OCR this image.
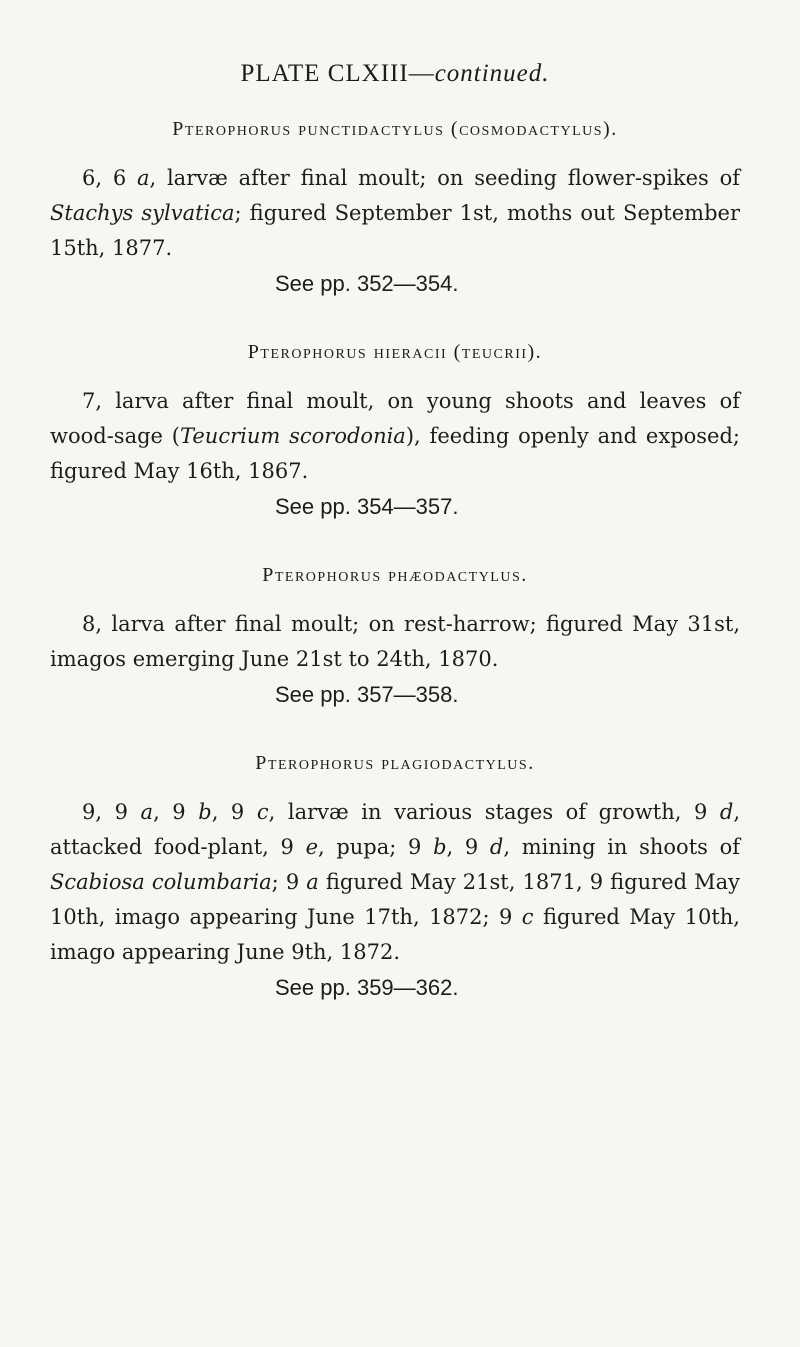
PLATE CLXIII—continued.
Pterophorus punctidactylus (cosmodactylus).

6, 6 a, larvæ after final moult; on seeding flower-spikes of Stachys sylvatica; figured September 1st, moths out September 15th, 1877.

See pp. 352—354.

Pterophorus hieracii (teucrii).

7, larva after final moult, on young shoots and leaves of wood-sage (Teucrium scorodonia), feeding openly and exposed; figured May 16th, 1867.

See pp. 354—357.

Pterophorus phæodactylus.

8, larva after final moult; on rest-harrow; figured May 31st, imagos emerging June 21st to 24th, 1870.

See pp. 357—358.

Pterophorus plagiodactylus.

9, 9 a, 9 b, 9 c, larvæ in various stages of growth, 9 d, attacked food-plant, 9 e, pupa; 9 b, 9 d, mining in shoots of Scabiosa columbaria; 9 a figured May 21st, 1871, 9 figured May 10th, imago appearing June 17th, 1872; 9 c figured May 10th, imago appearing June 9th, 1872.

See pp. 359—362.
